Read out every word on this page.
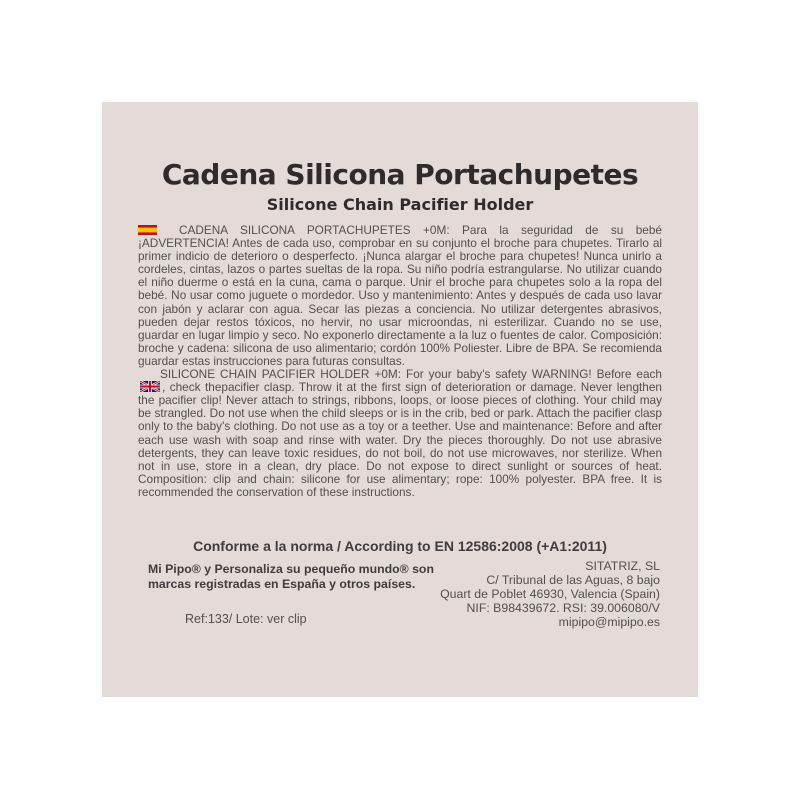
Cadena Silicona Portachupetes
Silicone Chain Pacifier Holder

CADENA SILICONA PORTACHUPETES +0M: Para la seguridad de su bebé ¡ADVERTENCIA! Antes de cada uso, comprobar en su conjunto el broche para chupetes. Tirarlo al primer indicio de deterioro o desperfecto. ¡Nunca alargar el broche para chupetes! Nunca unirlo a cordeles, cintas, lazos o partes sueltas de la ropa. Su niño podría estrangularse. No utilizar cuando el niño duerme o está en la cuna, cama o parque. Unir el broche para chupetes solo a la ropa del bebé. No usar como juguete o mordedor. Uso y mantenimiento: Antes y después de cada uso lavar con jabón y aclarar con agua. Secar las piezas a conciencia. No utilizar detergentes abrasivos, pueden dejar restos tóxicos, no hervir, no usar microondas, ni esterilizar. Cuando no se use, guardar en lugar limpio y seco. No exponerlo directamente a la luz o fuentes de calor. Composición: broche y cadena: silicona de uso alimentario; cordón 100% Poliester. Libre de BPA. Se recomienda guardar estas instrucciones para futuras consultas.

SILICONE CHAIN PACIFIER HOLDER +0M: For your baby's safety WARNING! Before each, check thepacifier clasp. Throw it at the first sign of deterioration or damage. Never lengthen the pacifier clip! Never attach to strings, ribbons, loops, or loose pieces of clothing. Your child may be strangled. Do not use when the child sleeps or is in the crib, bed or park. Attach the pacifier clasp only to the baby's clothing. Do not use as a toy or a teether. Use and maintenance: Before and after each use wash with soap and rinse with water. Dry the pieces thoroughly. Do not use abrasive detergents, they can leave toxic residues, do not boil, do not use microwaves, nor sterilize. When not in use, store in a clean, dry place. Do not expose to direct sunlight or sources of heat. Composition: clip and chain: silicone for use alimentary; rope: 100% polyester. BPA free. It is recommended the conservation of these instructions.

Conforme a la norma / According to EN 12586:2008 (+A1:2011)
Mi Pipo® y Personaliza su pequeño mundo® son
marcas registradas en España y otros países.
SITATRIZ, SL
C/ Tribunal de las Aguas, 8 bajo
Quart de Poblet 46930, Valencia (Spain)
NIF: B98439672. RSI: 39.006080/V
mipipo@mipipo.es
Ref:133/ Lote: ver clip
